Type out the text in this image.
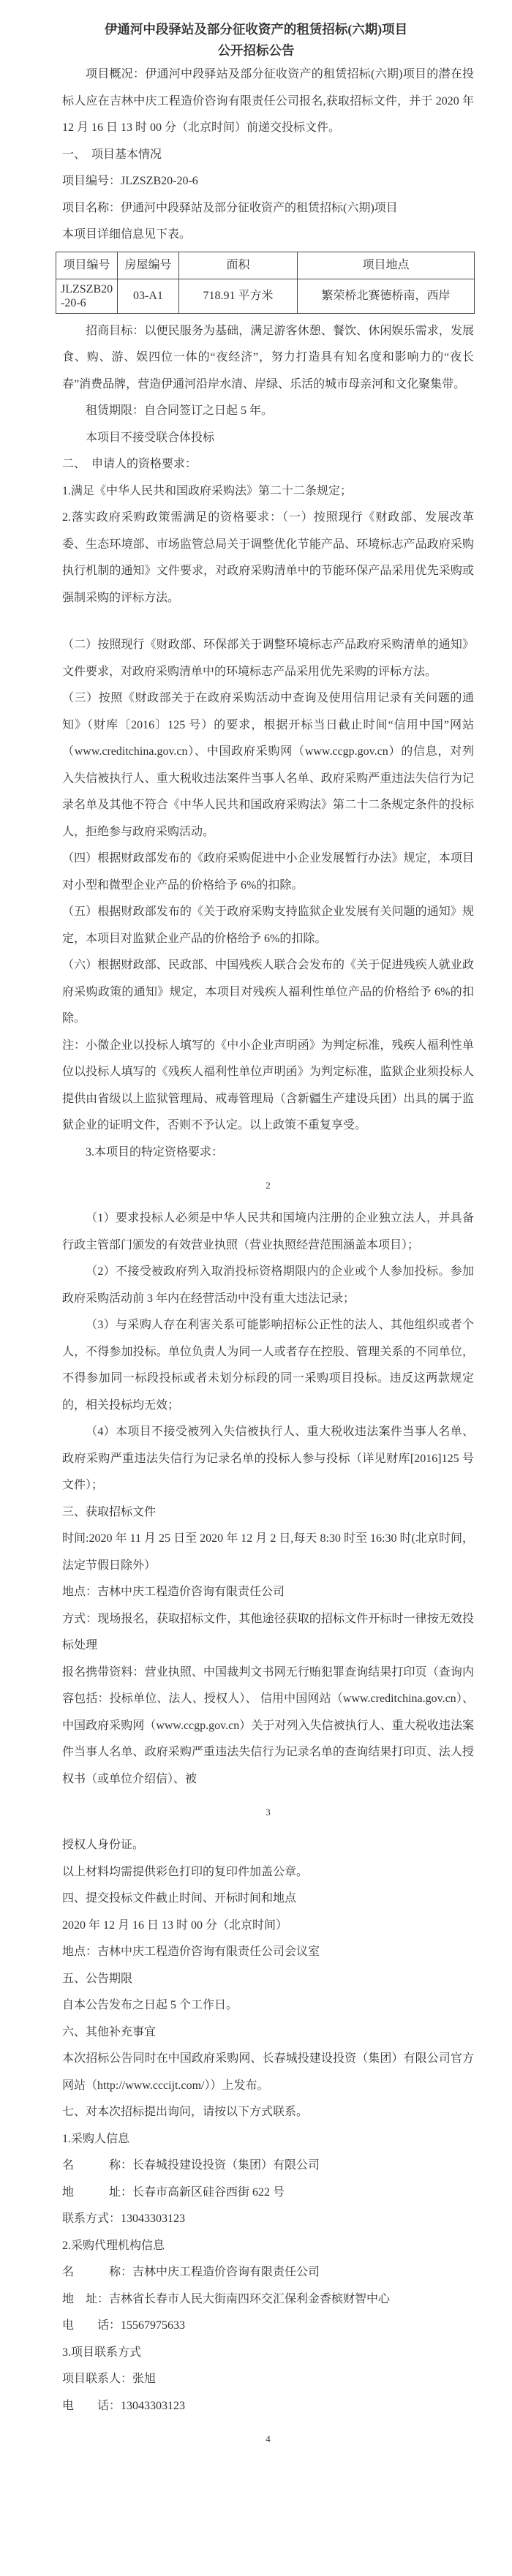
伊通河中段驿站及部分征收资产的租赁招标(六期)项目
公开招标公告

项目概况：伊通河中段驿站及部分征收资产的租赁招标(六期)项目的潜在投标人应在吉林中庆工程造价咨询有限责任公司报名,获取招标文件，并于 2020 年 12 月 16 日 13 时 00 分（北京时间）前递交投标文件。

一、　项目基本情况

项目编号：JLZSZB20-20-6

项目名称：伊通河中段驿站及部分征收资产的租赁招标(六期)项目

本项目详细信息见下表。

项目编号	房屋编号	面积	项目地点
JLZSZB20-20-6	03-A1	718.91 平方米	繁荣桥北赛德桥南，西岸

招商目标：以便民服务为基础，满足游客休憩、餐饮、休闲娱乐需求，发展食、购、游、娱四位一体的“夜经济”，努力打造具有知名度和影响力的“夜长春”消费品牌，营造伊通河沿岸水清、岸绿、乐活的城市母亲河和文化聚集带。

租赁期限：自合同签订之日起 5 年。

本项目不接受联合体投标

二、　申请人的资格要求：

1.满足《中华人民共和国政府采购法》第二十二条规定；

2.落实政府采购政策需满足的资格要求：（一）按照现行《财政部、发展改革委、生态环境部、市场监管总局关于调整优化节能产品、环境标志产品政府采购执行机制的通知》文件要求，对政府采购清单中的节能环保产品采用优先采购或强制采购的评标方法。

（二）按照现行《财政部、环保部关于调整环境标志产品政府采购清单的通知》文件要求，对政府采购清单中的环境标志产品采用优先采购的评标方法。

（三）按照《财政部关于在政府采购活动中查询及使用信用记录有关问题的通知》（财库〔2016〕125 号）的要求，根据开标当日截止时间“信用中国”网站（www.creditchina.gov.cn）、中国政府采购网（www.ccgp.gov.cn）的信息，对列入失信被执行人、重大税收违法案件当事人名单、政府采购严重违法失信行为记录名单及其他不符合《中华人民共和国政府采购法》第二十二条规定条件的投标人，拒绝参与政府采购活动。

（四）根据财政部发布的《政府采购促进中小企业发展暂行办法》规定，本项目对小型和微型企业产品的价格给予 6%的扣除。

（五）根据财政部发布的《关于政府采购支持监狱企业发展有关问题的通知》规定，本项目对监狱企业产品的价格给予 6%的扣除。

（六）根据财政部、民政部、中国残疾人联合会发布的《关于促进残疾人就业政府采购政策的通知》规定，本项目对残疾人福利性单位产品的价格给予 6%的扣除。

注：小微企业以投标人填写的《中小企业声明函》为判定标准，残疾人福利性单位以投标人填写的《残疾人福利性单位声明函》为判定标准，监狱企业须投标人提供由省级以上监狱管理局、戒毒管理局（含新疆生产建设兵团）出具的属于监狱企业的证明文件，否则不予认定。以上政策不重复享受。

3.本项目的特定资格要求：

2

（1）要求投标人必须是中华人民共和国境内注册的企业独立法人，并具备行政主管部门颁发的有效营业执照（营业执照经营范围涵盖本项目）；

（2）不接受被政府列入取消投标资格期限内的企业或个人参加投标。参加政府采购活动前 3 年内在经营活动中没有重大违法记录；

（3）与采购人存在利害关系可能影响招标公正性的法人、其他组织或者个人，不得参加投标。单位负责人为同一人或者存在控股、管理关系的不同单位，不得参加同一标段投标或者未划分标段的同一采购项目投标。违反这两款规定的，相关投标均无效；

（4）本项目不接受被列入失信被执行人、重大税收违法案件当事人名单、政府采购严重违法失信行为记录名单的投标人参与投标（详见财库[2016]125 号文件）；

三、获取招标文件

时间:2020 年 11 月 25 日至 2020 年 12 月 2 日,每天 8:30 时至 16:30 时(北京时间，法定节假日除外）

地点：吉林中庆工程造价咨询有限责任公司

方式：现场报名，获取招标文件，其他途径获取的招标文件开标时一律按无效投标处理

报名携带资料：营业执照、中国裁判文书网无行贿犯罪查询结果打印页（查询内容包括：投标单位、法人、授权人）、 信用中国网站（www.creditchina.gov.cn）、中国政府采购网（www.ccgp.gov.cn）关于对列入失信被执行人、重大税收违法案件当事人名单、政府采购严重违法失信行为记录名单的查询结果打印页、法人授权书（或单位介绍信）、被

3

授权人身份证。

以上材料均需提供彩色打印的复印件加盖公章。

四、提交投标文件截止时间、开标时间和地点

2020 年 12 月 16 日 13 时 00 分（北京时间）

地点：吉林中庆工程造价咨询有限责任公司会议室

五、公告期限

自本公告发布之日起 5 个工作日。

六、其他补充事宜

本次招标公告同时在中国政府采购网、长春城投建设投资（集团）有限公司官方网站（http://www.cccijt.com/））上发布。

七、对本次招标提出询问，请按以下方式联系。

1.采购人信息

名　　　称：长春城投建设投资（集团）有限公司

地　　　址：长春市高新区硅谷西街 622 号

联系方式：13043303123

2.采购代理机构信息

名　　　称：吉林中庆工程造价咨询有限责任公司

地　址：吉林省长春市人民大街南四环交汇保利金香槟财智中心

电　　话：15567975633

3.项目联系方式

项目联系人：张旭

电　　话：13043303123

4
